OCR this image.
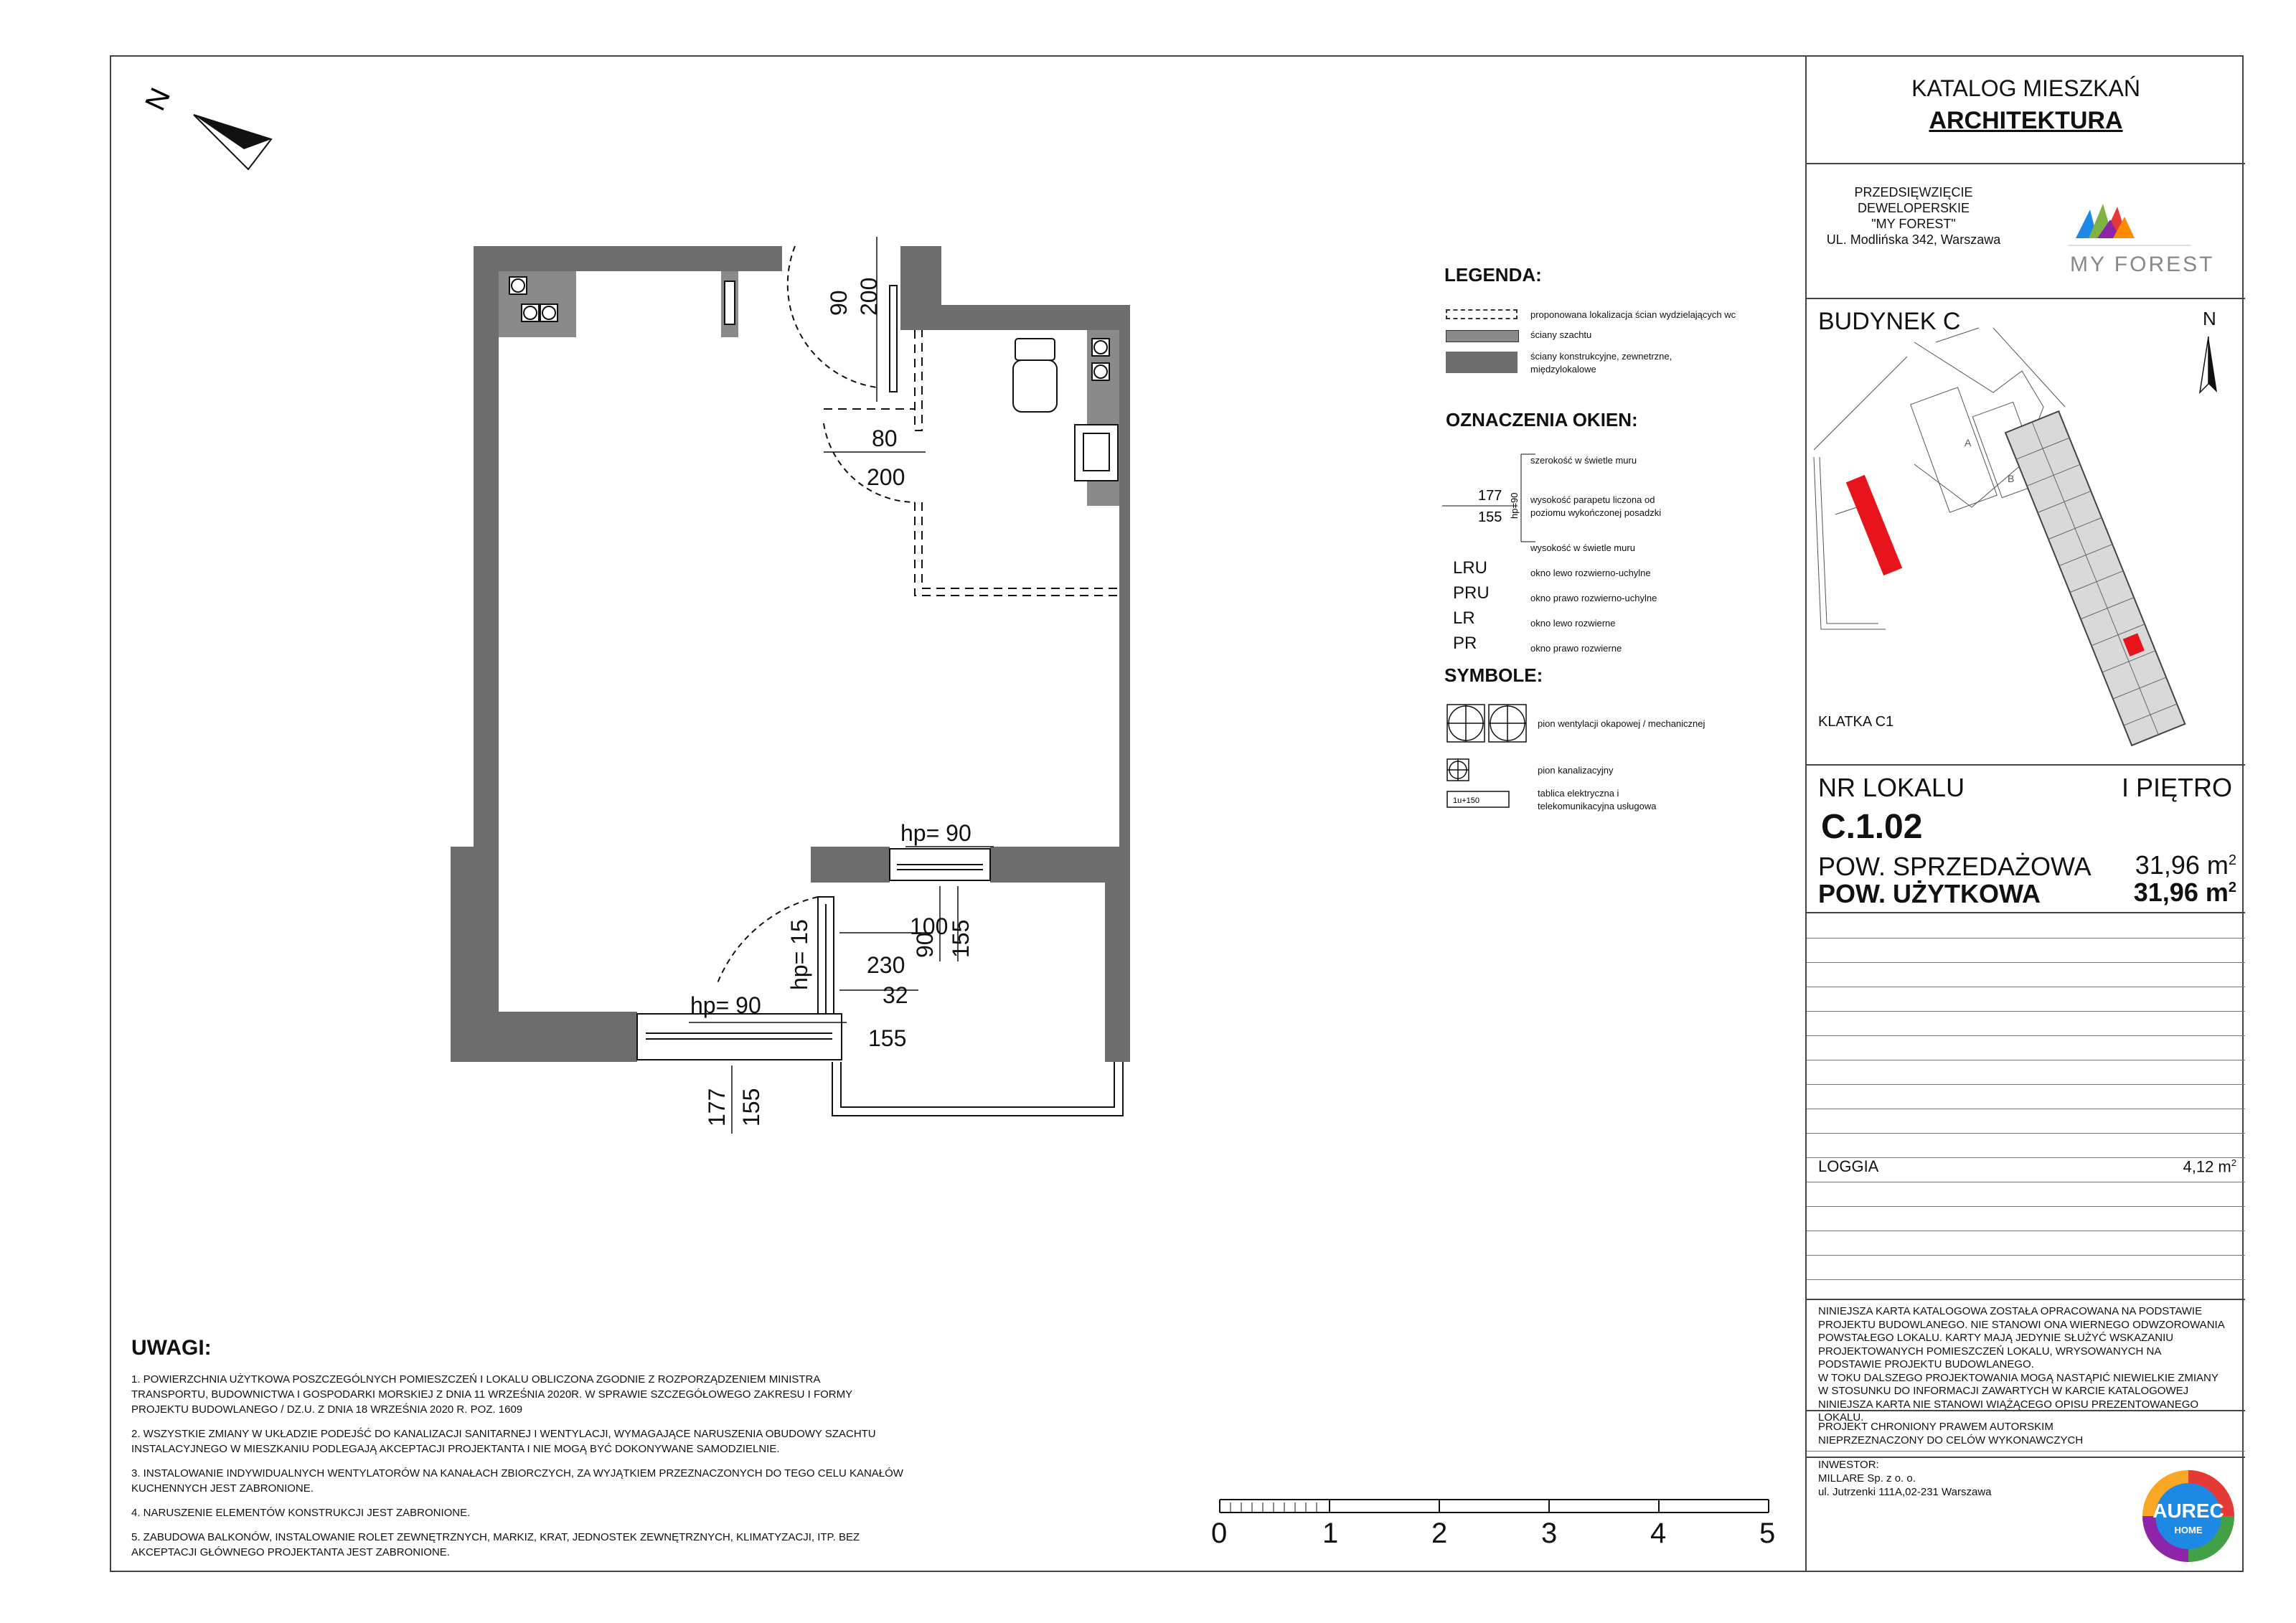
N
90 200
80
200
hp= 90
100
90 155
hp= 15 230
hp= 90	32
155
177 155
0	1	2	3	4	5
LEGENDA:
proponowana lokalizacja ścian wydzielających wc
ściany szachtu
ściany konstrukcyjne, zewnetrzne,
międzylokalowe
OZNACZENIA OKIEN:
hp=90
177
155
szerokość w świetle muru
wysokość parapetu liczona od
poziomu wykończonej posadzki
wysokość w świetle muru
LRU	okno lewo rozwierno-uchylne
PRU	okno prawo rozwierno-uchylne
LR	okno lewo rozwierne
PR	okno prawo rozwierne
SYMBOLE:
1u+150
pion wentylacji okapowej / mechanicznej
pion kanalizacyjny
tablica elektryczna i
telekomunikacyjna usługowa
UWAGI:
1. POWIERZCHNIA UŻYTKOWA POSZCZEGÓLNYCH POMIESZCZEŃ I LOKALU OBLICZONA ZGODNIE Z ROZPORZĄDZENIEM MINISTRA
TRANSPORTU, BUDOWNICTWA I GOSPODARKI MORSKIEJ Z DNIA 11 WRZEŚNIA 2020R. W SPRAWIE SZCZEGÓŁOWEGO ZAKRESU I FORMY
PROJEKTU BUDOWLANEGO / DZ.U. Z DNIA 18 WRZEŚNIA 2020 R. POZ. 1609
2. WSZYSTKIE ZMIANY W UKŁADZIE PODEJŚĆ DO KANALIZACJI SANITARNEJ I WENTYLACJI, WYMAGAJĄCE NARUSZENIA OBUDOWY SZACHTU
INSTALACYJNEGO W MIESZKANIU PODLEGAJĄ AKCEPTACJI PROJEKTANTA I NIE MOGĄ BYĆ DOKONYWANE SAMODZIELNIE.
3. INSTALOWANIE INDYWIDUALNYCH WENTYLATORÓW NA KANAŁACH ZBIORCZYCH, ZA WYJĄTKIEM PRZEZNACZONYCH DO TEGO CELU KANAŁÓW
KUCHENNYCH JEST ZABRONIONE.
4. NARUSZENIE ELEMENTÓW KONSTRUKCJI JEST ZABRONIONE.
5. ZABUDOWA BALKONÓW, INSTALOWANIE ROLET ZEWNĘTRZNYCH, MARKIZ, KRAT, JEDNOSTEK ZEWNĘTRZNYCH, KLIMATYZACJI, ITP. BEZ
AKCEPTACJI GŁÓWNEGO PROJEKTANTA JEST ZABRONIONE.
KATALOG MIESZKAŃ
ARCHITEKTURA
PRZEDSIĘWZIĘCIE
DEWELOPERSKIE
"MY FOREST"
UL. Modlińska 342, Warszawa
MY FOREST
BUDYNEK C	N
A
B
KLATKA C1
NR LOKALU	I PIĘTRO
C.1.02
POW. SPRZEDAŻOWA 31,96 $m^2$
POW. UŻYTKOWA	31,96 $m^2$
LOGGIA	4,12 $m^2$
NINIEJSZA KARTA KATALOGOWA ZOSTAŁA OPRACOWANA NA PODSTAWIE
PROJEKTU BUDOWLANEGO. NIE STANOWI ONA WIERNEGO ODWZOROWANIA
POWSTAŁEGO LOKALU. KARTY MAJĄ JEDYNIE SŁUŻYĆ WSKAZANIU
PROJEKTOWANYCH POMIESZCZEŃ LOKALU, WRYSOWANYCH NA
PODSTAWIE PROJEKTU BUDOWLANEGO.
W TOKU DALSZEGO PROJEKTOWANIA MOGĄ NASTĄPIĆ NIEWIELKIE ZMIANY
W STOSUNKU DO INFORMACJI ZAWARTYCH W KARCIE KATALOGOWEJ
NINIEJSZA KARTA NIE STANOWI WIĄŻĄCEGO OPISU PREZENTOWANEGO
LOKALU.
PROJEKT CHRONIONY PRAWEM AUTORSKIM
NIEPRZEZNACZONY DO CELÓW WYKONAWCZYCH
INWESTOR:
MILLARE Sp. z o. o.
ul. Jutrzenki 111A,02-231 Warszawa
AUREC
HOME
